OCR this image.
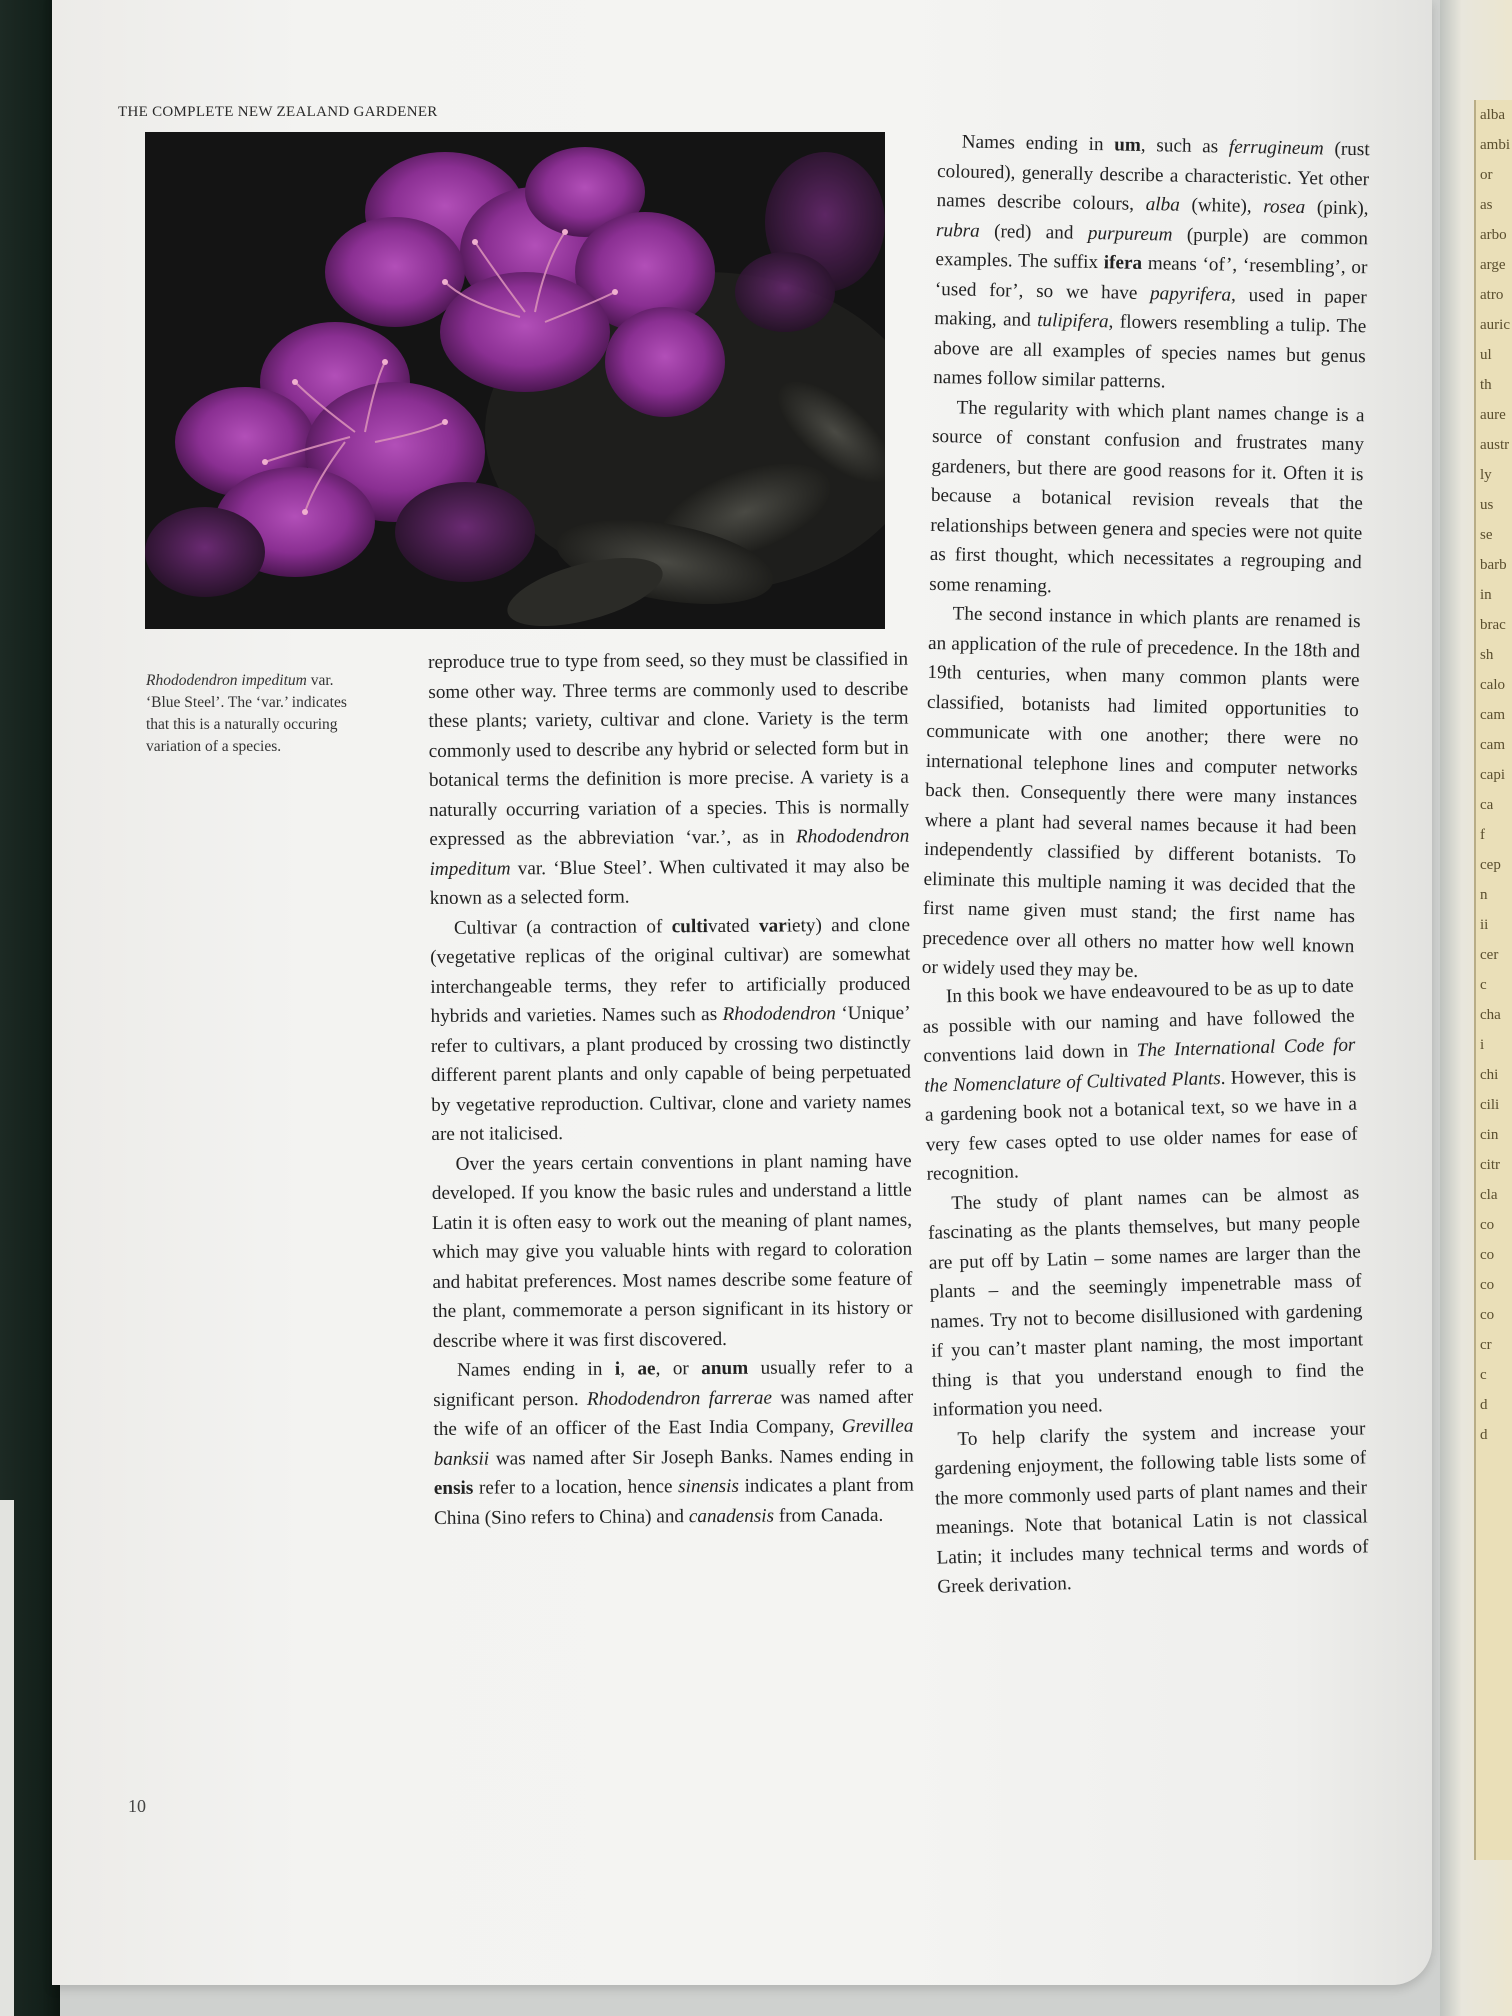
alba
ambi
or
as
arbo
arge
atro
auric
ul
th
aure
austr
ly
us
se
barb
in
brac
sh
calo
cam
cam
capi
ca
f
cep
n
ii
cer
c
cha
i
chi
cili
cin
citr
cla
co
co
co
co
cr
c
d
d
THE COMPLETE NEW ZEALAND GARDENER
Rhododendron impeditum var.
‘Blue Steel’. The ‘var.’ indicates
that this is a naturally occuring
variation of a species.

reproduce true to type from seed, so they must be classified in some other way. Three terms are commonly used to describe these plants; variety, cultivar and clone. Variety is the term commonly used to describe any hybrid or selected form but in botanical terms the definition is more precise. A variety is a naturally occurring variation of a species. This is normally expressed as the abbreviation ‘var.’, as in Rhododendron impeditum var. ‘Blue Steel’. When cultivated it may also be known as a selected form.

Cultivar (a contraction of cultivated variety) and clone (vegetative replicas of the original cultivar) are somewhat interchangeable terms, they refer to artificially produced hybrids and varieties. Names such as Rhododendron ‘Unique’ refer to cultivars, a plant produced by crossing two distinctly different parent plants and only capable of being perpetuated by vegetative reproduction. Cultivar, clone and variety names are not italicised.

Over the years certain conventions in plant naming have developed. If you know the basic rules and understand a little Latin it is often easy to work out the meaning of plant names, which may give you valuable hints with regard to coloration and habitat preferences. Most names describe some feature of the plant, commemorate a person significant in its history or describe where it was first discovered.

Names ending in i, ae, or anum usually refer to a significant person. Rhododendron farrerae was named after the wife of an officer of the East India Company, Grevillea banksii was named after Sir Joseph Banks. Names ending in ensis refer to a location, hence sinensis indicates a plant from China (Sino refers to China) and canadensis from Canada.

Names ending in um, such as ferrugineum (rust coloured), generally describe a characteristic. Yet other names describe colours, alba (white), rosea (pink), rubra (red) and purpureum (purple) are common examples. The suffix ifera means ‘of’, ‘resembling’, or ‘used for’, so we have papyrifera, used in paper making, and tulipifera, flowers resembling a tulip. The above are all examples of species names but genus names follow similar patterns.

The regularity with which plant names change is a source of constant confusion and frustrates many gardeners, but there are good reasons for it. Often it is because a botanical revision reveals that the relationships between genera and species were not quite as first thought, which necessitates a regrouping and some renaming.

The second instance in which plants are renamed is an application of the rule of precedence. In the 18th and 19th centuries, when many common plants were classified, botanists had limited opportunities to communicate with one another; there were no international telephone lines and computer networks back then. Consequently there were many instances where a plant had several names because it had been independently classified by different botanists. To eliminate this multiple naming it was decided that the first name given must stand; the first name has precedence over all others no matter how well known or widely used they may be.

In this book we have endeavoured to be as up to date as possible with our naming and have followed the conventions laid down in The International Code for the Nomenclature of Cultivated Plants. However, this is a gardening book not a botanical text, so we have in a very few cases opted to use older names for ease of recognition.

The study of plant names can be almost as fascinating as the plants themselves, but many people are put off by Latin – some names are larger than the plants – and the seemingly impenetrable mass of names. Try not to become disillusioned with gardening if you can’t master plant naming, the most important thing is that you understand enough to find the information you need.

To help clarify the system and increase your gardening enjoyment, the following table lists some of the more commonly used parts of plant names and their meanings. Note that botanical Latin is not classical Latin; it includes many technical terms and words of Greek derivation.

10
